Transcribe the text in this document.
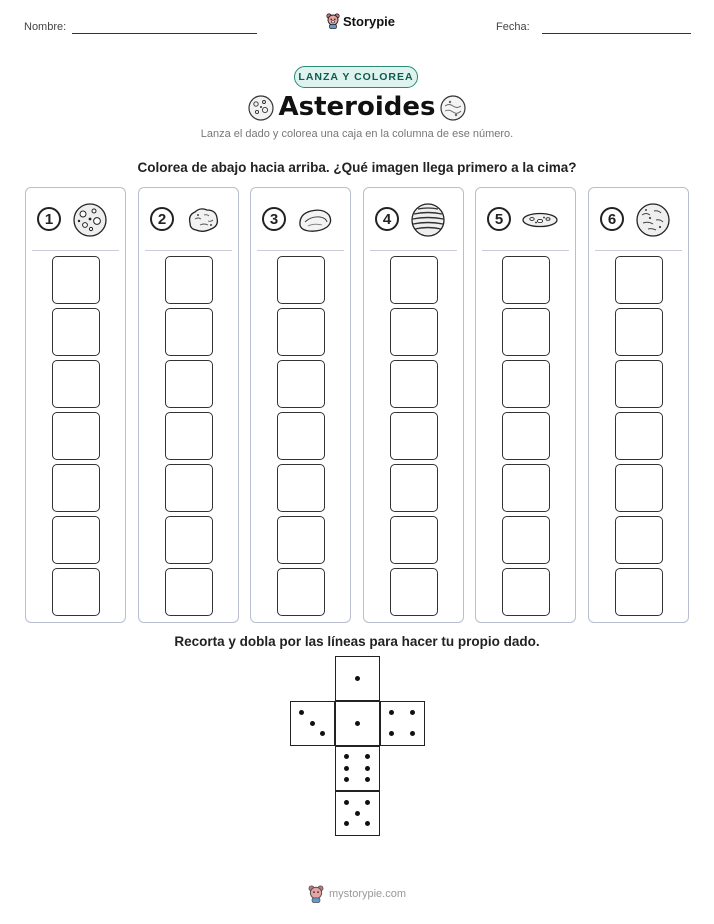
Nombre:	Storypie	Fecha:
LANZA Y COLOREA
Asteroides
Lanza el dado y colorea una caja en la columna de ese número.
Colorea de abajo hacia arriba. ¿Qué imagen llega primero a la cima?
1	2	3	4	5	6
Recorta y dobla por las líneas para hacer tu propio dado.
mystorypie.com
